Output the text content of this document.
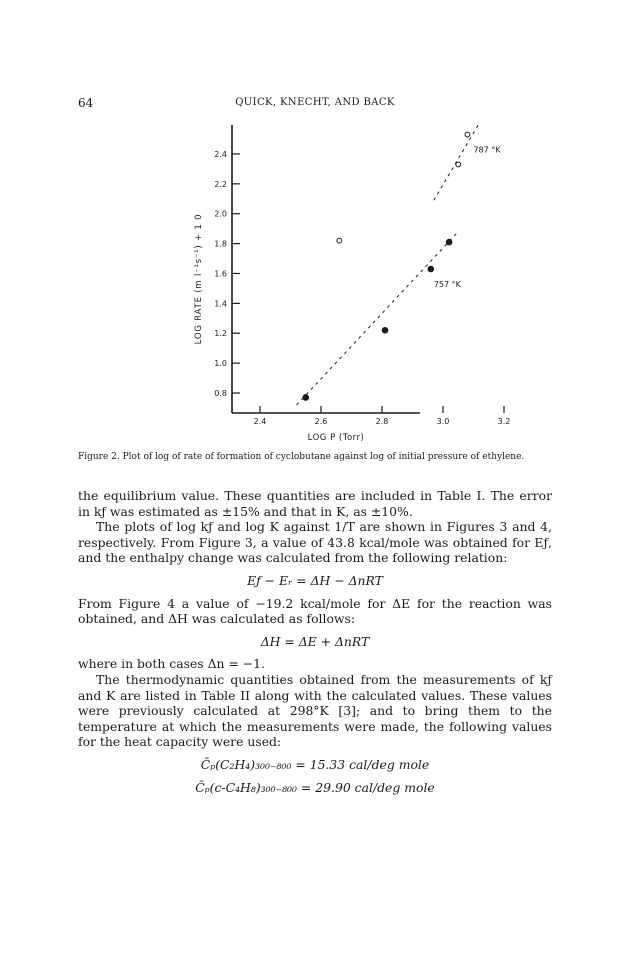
64	QUICK, KNECHT, AND BACK
0.8
1.0
1.2
1.4
1.6
1.8
2.0
2.2
2.4
2.4	2.6	2.8	3.0	3.2
LOG P (Torr)
LOG RATE (m l⁻¹s⁻¹) + 1 0
787 °K
757 °K
Figure 2. Plot of log of rate of formation of cyclobutane against log of initial pressure of ethylene.

the equilibrium value. These quantities are included in Table I. The error in kƒ was estimated as ±15% and that in K, as ±10%.

The plots of log kƒ and log K against 1/T are shown in Figures 3 and 4, respectively. From Figure 3, a value of 43.8 kcal/mole was obtained for Eƒ, and the enthalpy change was calculated from the following relation:

Eƒ − Eᵣ = ΔH − ΔnRT

From Figure 4 a value of −19.2 kcal/mole for ΔE for the reaction was obtained, and ΔH was calculated as follows:

ΔH = ΔE + ΔnRT

where in both cases Δn = −1.

The thermodynamic quantities obtained from the measurements of kƒ and K are listed in Table II along with the calculated values. These values were previously calculated at 298°K [3]; and to bring them to the temperature at which the measurements were made, the following values for the heat capacity were used:

C̄ₚ(C₂H₄)₃₀₀₋₈₀₀ = 15.33 cal/deg mole
C̄ₚ(c-C₄H₈)₃₀₀₋₈₀₀ = 29.90 cal/deg mole
